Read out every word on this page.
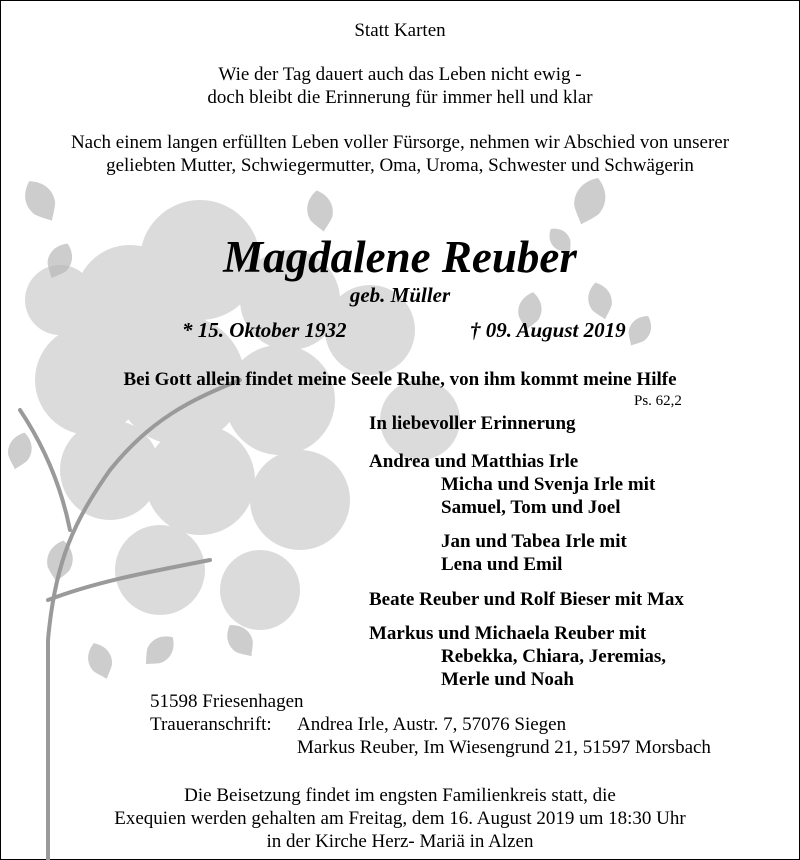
Statt Karten
Wie der Tag dauert auch das Leben nicht ewig -
doch bleibt die Erinnerung für immer hell und klar
Nach einem langen erfüllten Leben voller Fürsorge, nehmen wir Abschied von unserer
geliebten Mutter, Schwiegermutter, Oma, Uroma, Schwester und Schwägerin
Magdalene Reuber
geb. Müller
* 15. Oktober 1932	† 09. August 2019
Bei Gott allein findet meine Seele Ruhe, von ihm kommt meine Hilfe
Ps. 62,2
In liebevoller Erinnerung
Andrea und Matthias Irle
Micha und Svenja Irle mit
Samuel, Tom und Joel
Jan und Tabea Irle mit
Lena und Emil
Beate Reuber und Rolf Bieser mit Max
Markus und Michaela Reuber mit
Rebekka, Chiara, Jeremias,
Merle und Noah
51598 Friesenhagen
Traueranschrift: Andrea Irle, Austr. 7, 57076 Siegen
Markus Reuber, Im Wiesengrund 21, 51597 Morsbach
Die Beisetzung findet im engsten Familienkreis statt, die
Exequien werden gehalten am Freitag, dem 16. August 2019 um 18:30 Uhr
in der Kirche Herz- Mariä in Alzen
